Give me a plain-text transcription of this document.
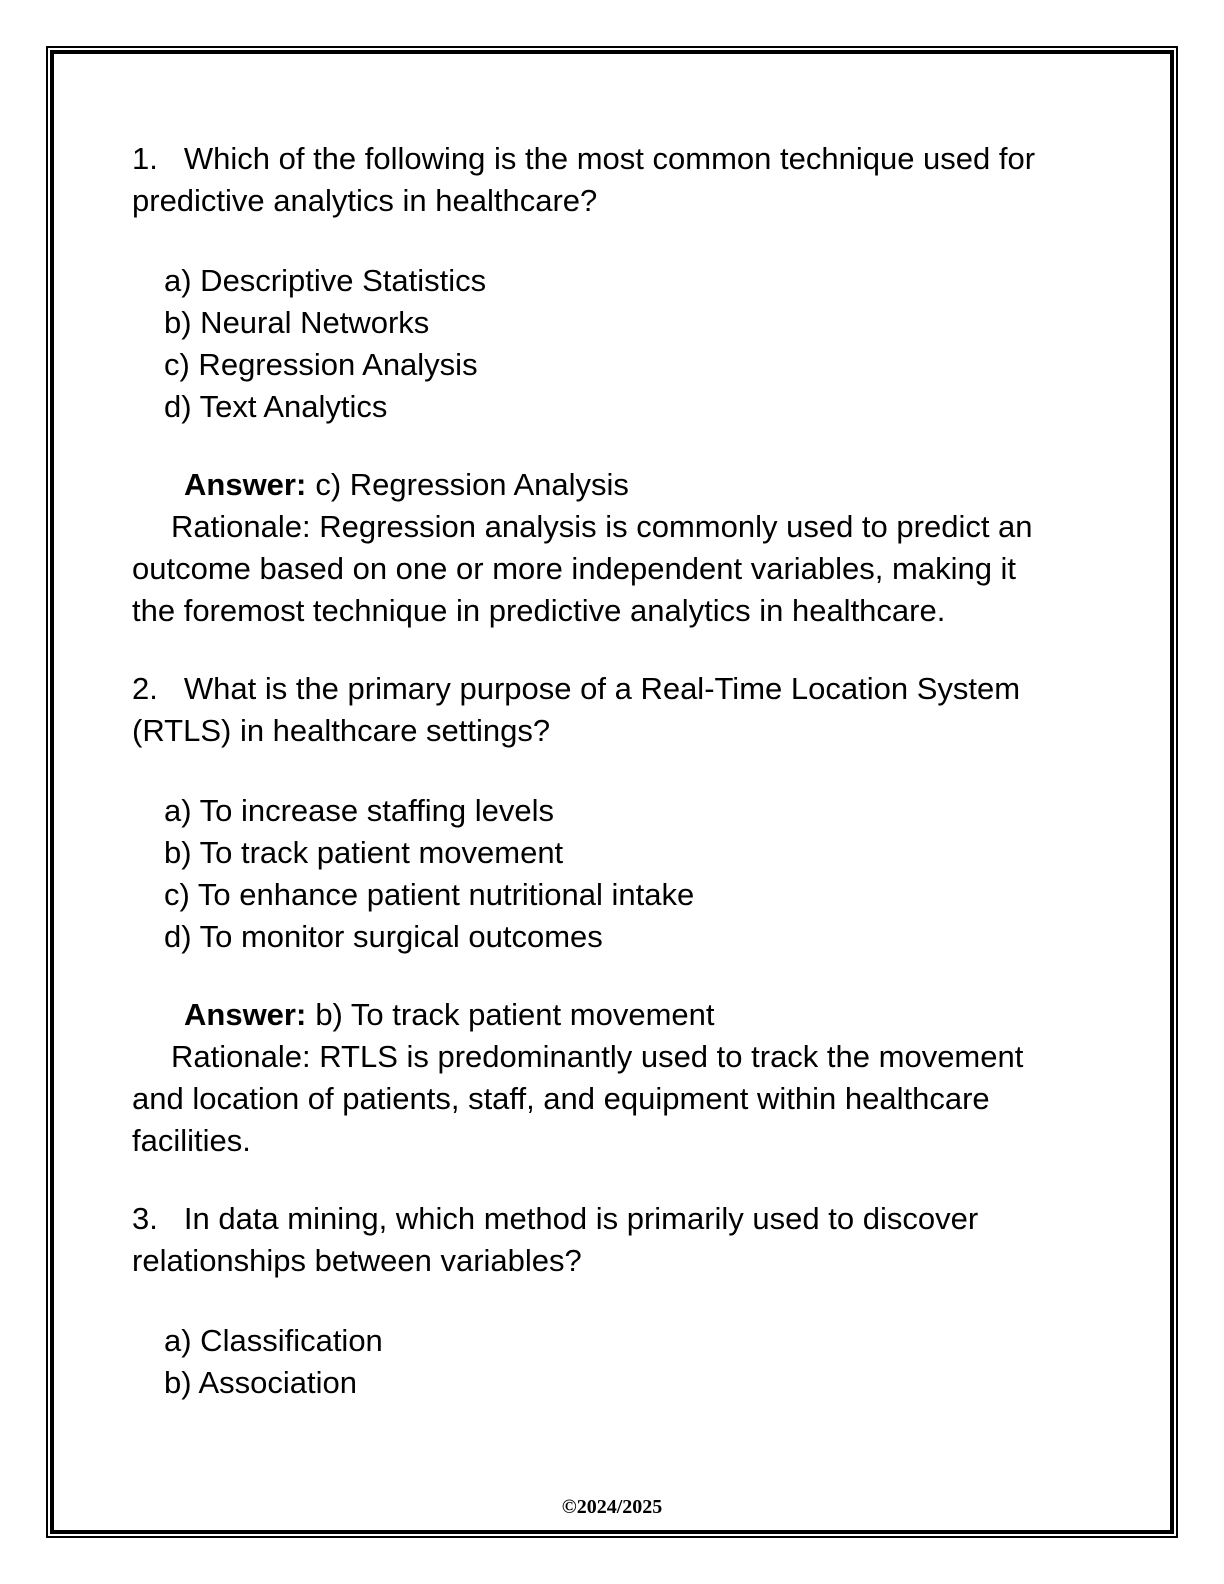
1. Which of the following is the most common technique used for predictive analytics in healthcare?

a) Descriptive Statistics
b) Neural Networks
c) Regression Analysis
d) Text Analytics

Answer: c) Regression Analysis

Rationale: Regression analysis is commonly used to predict an outcome based on one or more independent variables, making it the foremost technique in predictive analytics in healthcare.

2. What is the primary purpose of a Real-Time Location System (RTLS) in healthcare settings?

a) To increase staffing levels
b) To track patient movement
c) To enhance patient nutritional intake
d) To monitor surgical outcomes

Answer: b) To track patient movement

Rationale: RTLS is predominantly used to track the movement and location of patients, staff, and equipment within healthcare facilities.

3. In data mining, which method is primarily used to discover relationships between variables?

a) Classification
b) Association
©2024/2025
